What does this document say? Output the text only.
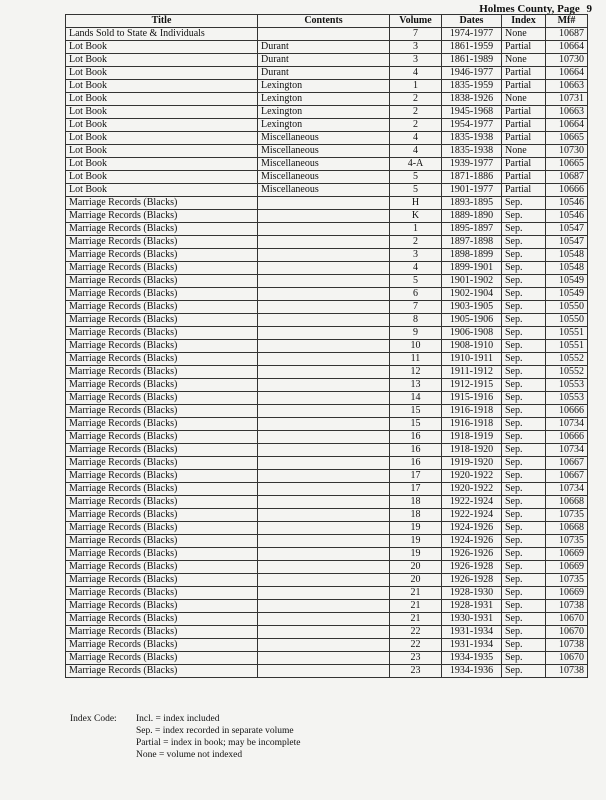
Holmes County, Page 9
Title	Contents	Volume	Dates	Index	Mf#
Lands Sold to State & Individuals		7	1974-1977	None	10687
Lot Book	Durant	3	1861-1959	Partial	10664
Lot Book	Durant	3	1861-1989	None	10730
Lot Book	Durant	4	1946-1977	Partial	10664
Lot Book	Lexington	1	1835-1959	Partial	10663
Lot Book	Lexington	2	1838-1926	None	10731
Lot Book	Lexington	2	1945-1968	Partial	10663
Lot Book	Lexington	2	1954-1977	Partial	10664
Lot Book	Miscellaneous	4	1835-1938	Partial	10665
Lot Book	Miscellaneous	4	1835-1938	None	10730
Lot Book	Miscellaneous	4-A	1939-1977	Partial	10665
Lot Book	Miscellaneous	5	1871-1886	Partial	10687
Lot Book	Miscellaneous	5	1901-1977	Partial	10666
Marriage Records (Blacks)		H	1893-1895	Sep.	10546
Marriage Records (Blacks)		K	1889-1890	Sep.	10546
Marriage Records (Blacks)		1	1895-1897	Sep.	10547
Marriage Records (Blacks)		2	1897-1898	Sep.	10547
Marriage Records (Blacks)		3	1898-1899	Sep.	10548
Marriage Records (Blacks)		4	1899-1901	Sep.	10548
Marriage Records (Blacks)		5	1901-1902	Sep.	10549
Marriage Records (Blacks)		6	1902-1904	Sep.	10549
Marriage Records (Blacks)		7	1903-1905	Sep.	10550
Marriage Records (Blacks)		8	1905-1906	Sep.	10550
Marriage Records (Blacks)		9	1906-1908	Sep.	10551
Marriage Records (Blacks)		10	1908-1910	Sep.	10551
Marriage Records (Blacks)		11	1910-1911	Sep.	10552
Marriage Records (Blacks)		12	1911-1912	Sep.	10552
Marriage Records (Blacks)		13	1912-1915	Sep.	10553
Marriage Records (Blacks)		14	1915-1916	Sep.	10553
Marriage Records (Blacks)		15	1916-1918	Sep.	10666
Marriage Records (Blacks)		15	1916-1918	Sep.	10734
Marriage Records (Blacks)		16	1918-1919	Sep.	10666
Marriage Records (Blacks)		16	1918-1920	Sep.	10734
Marriage Records (Blacks)		16	1919-1920	Sep.	10667
Marriage Records (Blacks)		17	1920-1922	Sep.	10667
Marriage Records (Blacks)		17	1920-1922	Sep.	10734
Marriage Records (Blacks)		18	1922-1924	Sep.	10668
Marriage Records (Blacks)		18	1922-1924	Sep.	10735
Marriage Records (Blacks)		19	1924-1926	Sep.	10668
Marriage Records (Blacks)		19	1924-1926	Sep.	10735
Marriage Records (Blacks)		19	1926-1926	Sep.	10669
Marriage Records (Blacks)		20	1926-1928	Sep.	10669
Marriage Records (Blacks)		20	1926-1928	Sep.	10735
Marriage Records (Blacks)		21	1928-1930	Sep.	10669
Marriage Records (Blacks)		21	1928-1931	Sep.	10738
Marriage Records (Blacks)		21	1930-1931	Sep.	10670
Marriage Records (Blacks)		22	1931-1934	Sep.	10670
Marriage Records (Blacks)		22	1931-1934	Sep.	10738
Marriage Records (Blacks)		23	1934-1935	Sep.	10670
Marriage Records (Blacks)		23	1934-1936	Sep.	10738
Index Code:	Incl. = index included
Sep. = index recorded in separate volume
Partial = index in book; may be incomplete
None = volume not indexed
